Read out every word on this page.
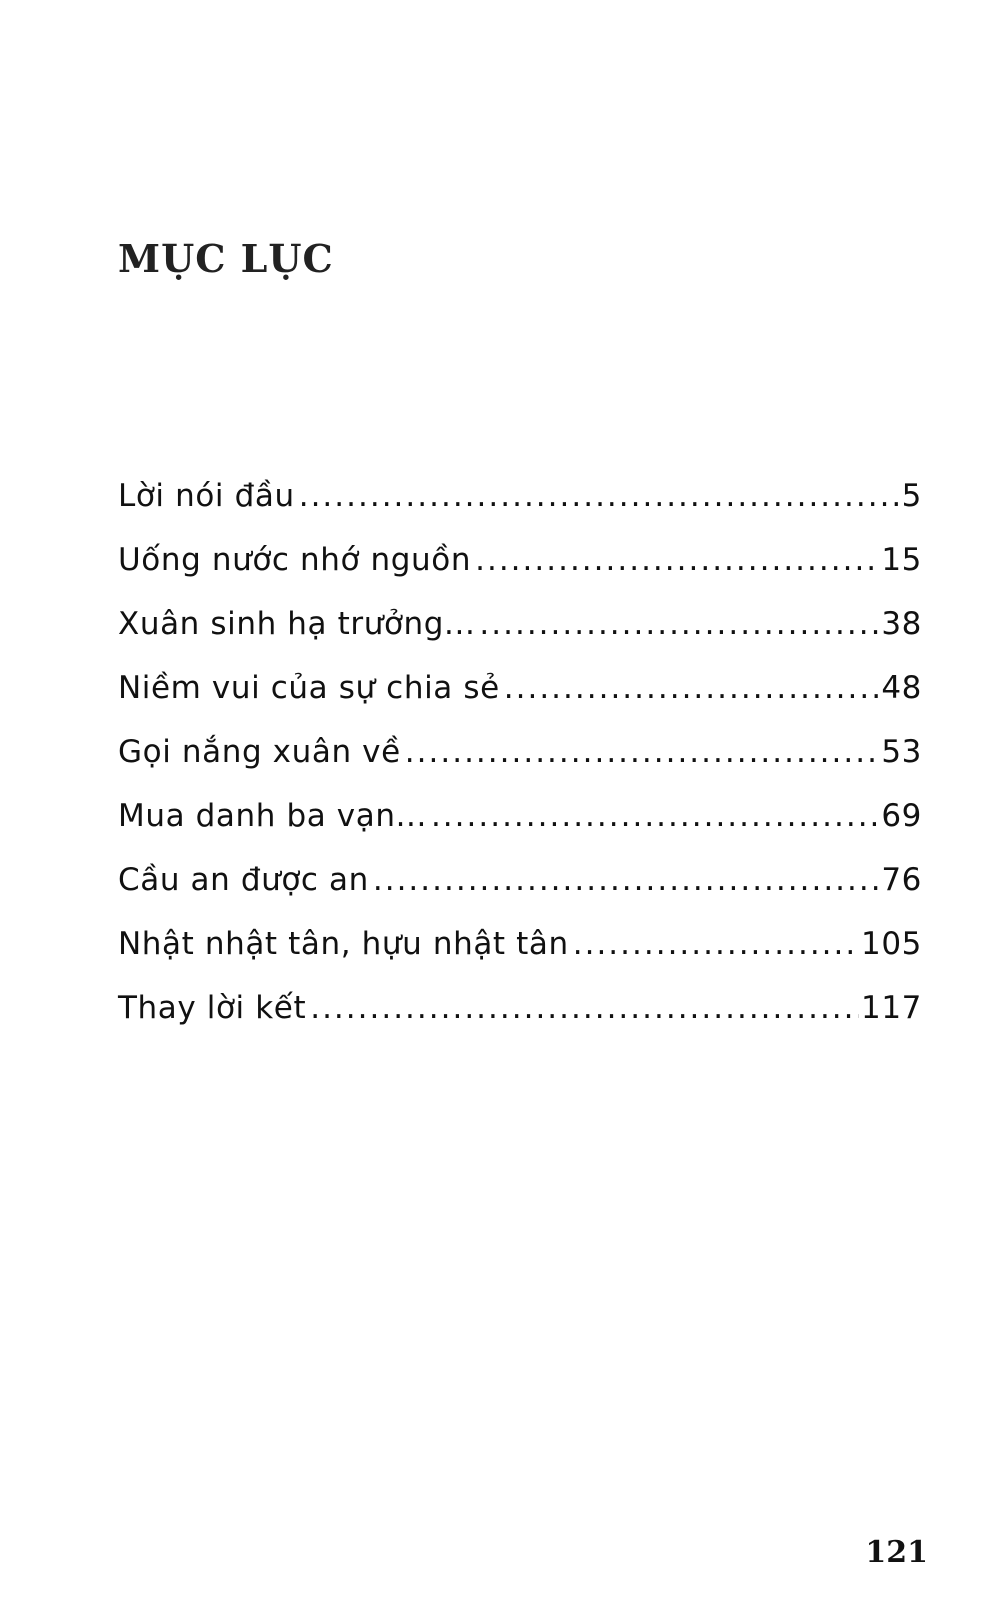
MỤC LỤC
Lời nói đầu .....	5
Uống nước nhớ nguồn .....	15
Xuân sinh hạ trưởng... .....	38
Niềm vui của sự chia sẻ .....	48
Gọi nắng xuân về .....	53
Mua danh ba vạn... .....	69
Cầu an được an .....	76
Nhật nhật tân, hựu nhật tân .....	105
Thay lời kết .....	117

121
